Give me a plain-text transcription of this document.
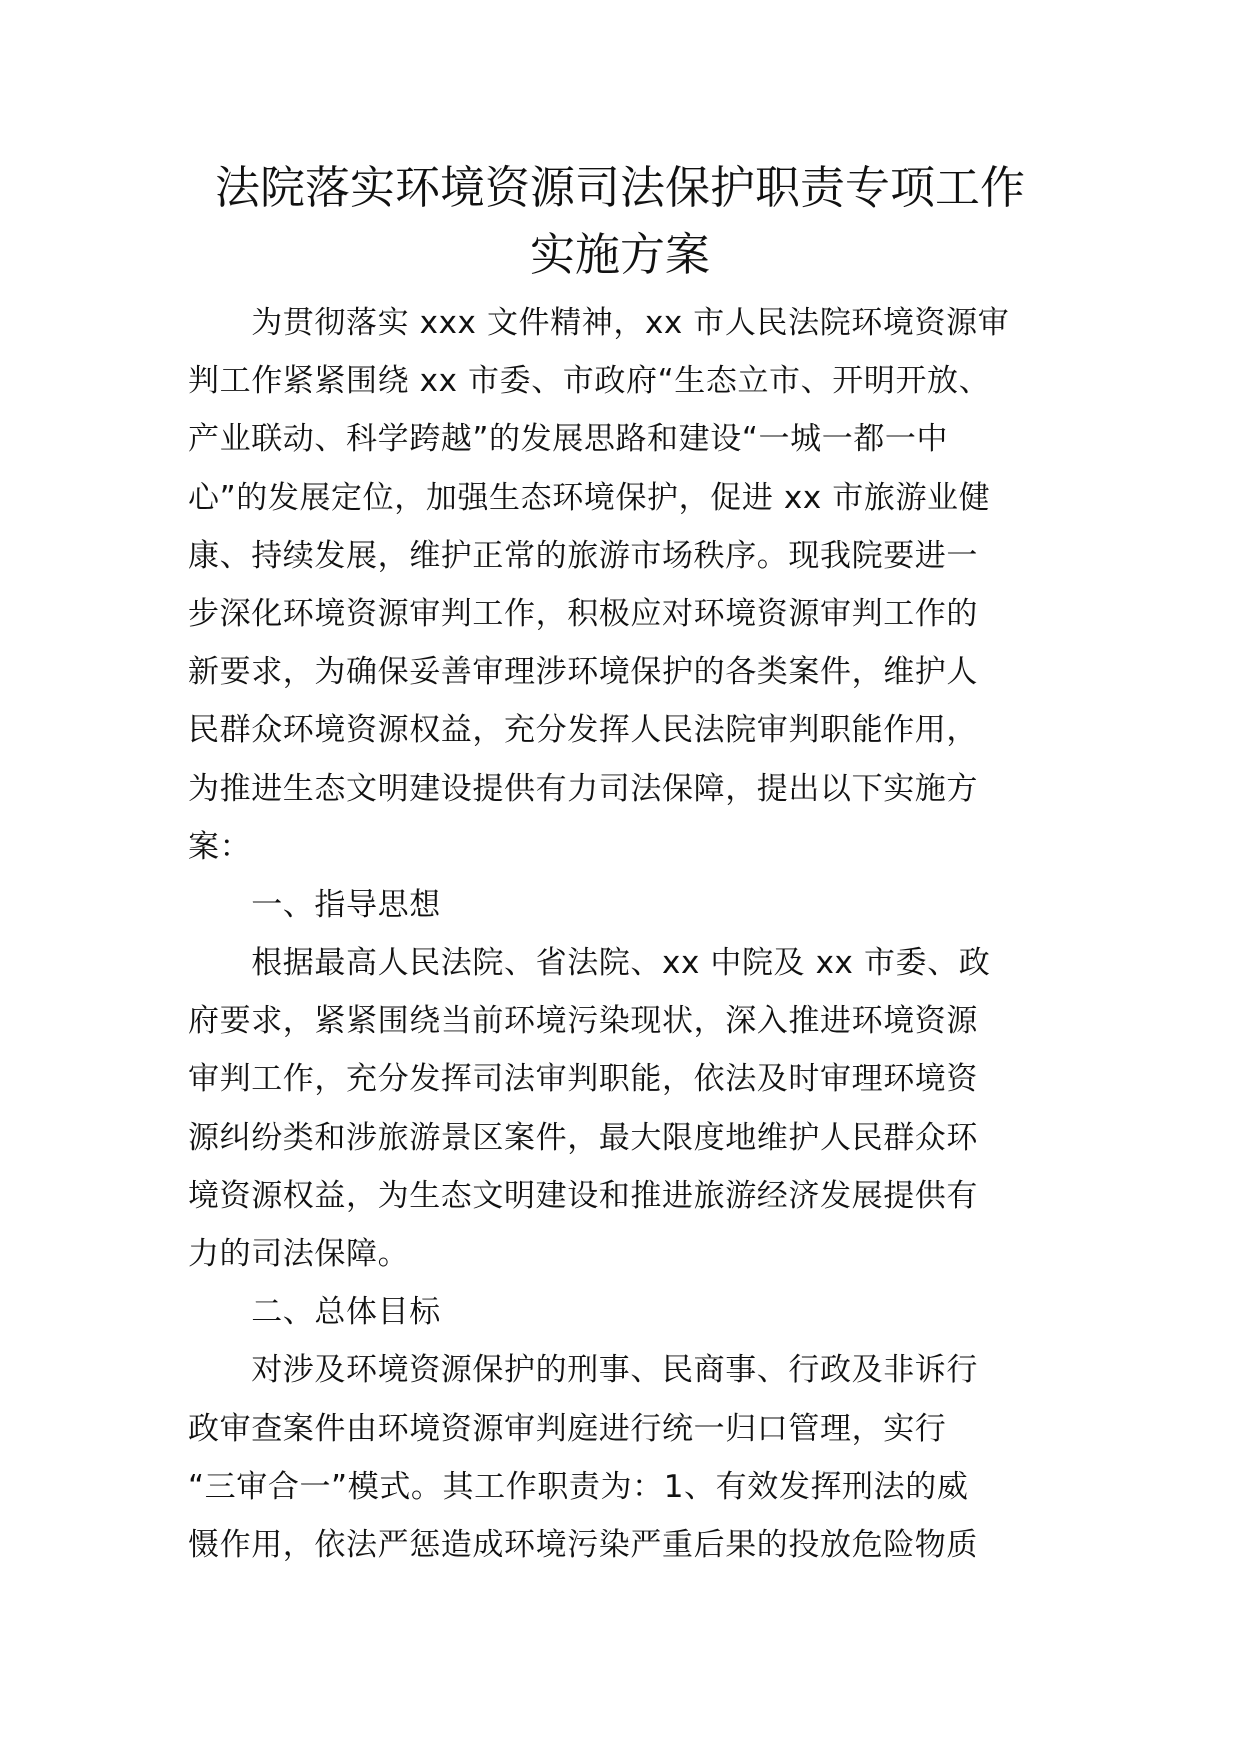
法院落实环境资源司法保护职责专项工作
实施方案
　　为贯彻落实 xxx 文件精神，xx 市人民法院环境资源审
判工作紧紧围绕 xx 市委、市政府“生态立市、开明开放、
产业联动、科学跨越”的发展思路和建设“一城一都一中
心”的发展定位，加强生态环境保护，促进 xx 市旅游业健
康、持续发展，维护正常的旅游市场秩序。现我院要进一
步深化环境资源审判工作，积极应对环境资源审判工作的
新要求，为确保妥善审理涉环境保护的各类案件，维护人
民群众环境资源权益，充分发挥人民法院审判职能作用，
为推进生态文明建设提供有力司法保障，提出以下实施方
案：
　　一、指导思想
　　根据最高人民法院、省法院、xx 中院及 xx 市委、政
府要求，紧紧围绕当前环境污染现状，深入推进环境资源
审判工作，充分发挥司法审判职能，依法及时审理环境资
源纠纷类和涉旅游景区案件，最大限度地维护人民群众环
境资源权益，为生态文明建设和推进旅游经济发展提供有
力的司法保障。
　　二、总体目标
　　对涉及环境资源保护的刑事、民商事、行政及非诉行
政审查案件由环境资源审判庭进行统一归口管理，实行
“三审合一”模式。其工作职责为：1、有效发挥刑法的威
慑作用，依法严惩造成环境污染严重后果的投放危险物质
